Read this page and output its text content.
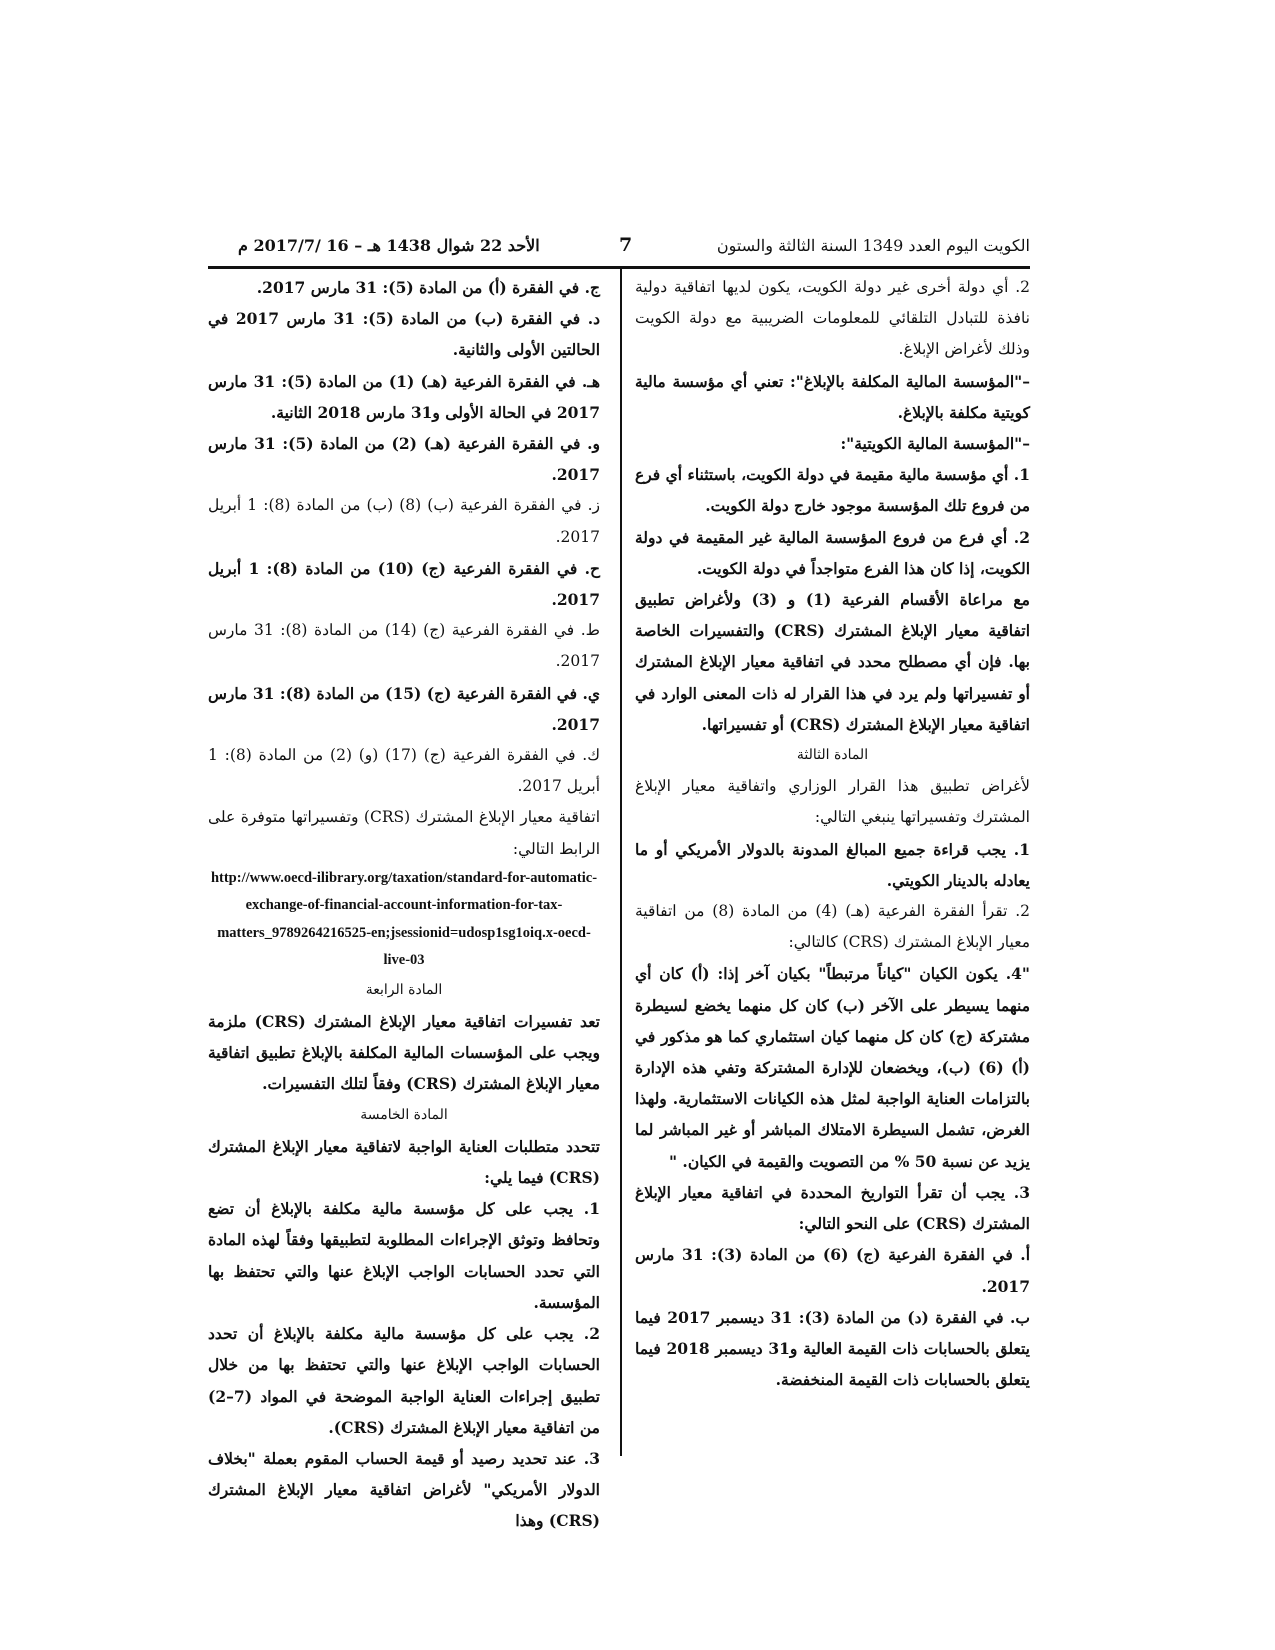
الكويت اليوم العدد 1349 السنة الثالثة والستون
7
الأحد 22 شوال 1438 هـ – 16 /2017/7 م

2. أي دولة أخرى غير دولة الكويت، يكون لديها اتفاقية دولية نافذة للتبادل التلقائي للمعلومات الضريبية مع دولة الكويت وذلك لأغراض الإبلاغ.

–"المؤسسة المالية المكلفة بالإبلاغ": تعني أي مؤسسة مالية كويتية مكلفة بالإبلاغ.

–"المؤسسة المالية الكويتية":

1. أي مؤسسة مالية مقيمة في دولة الكويت، باستثناء أي فرع من فروع تلك المؤسسة موجود خارج دولة الكويت.

2. أي فرع من فروع المؤسسة المالية غير المقيمة في دولة الكويت، إذا كان هذا الفرع متواجداً في دولة الكويت.

مع مراعاة الأقسام الفرعية (1) و (3) ولأغراض تطبيق اتفاقية معيار الإبلاغ المشترك (CRS) والتفسيرات الخاصة بها. فإن أي مصطلح محدد في اتفاقية معيار الإبلاغ المشترك أو تفسيراتها ولم يرد في هذا القرار له ذات المعنى الوارد في اتفاقية معيار الإبلاغ المشترك (CRS) أو تفسيراتها.

المادة الثالثة

لأغراض تطبيق هذا القرار الوزاري واتفاقية معيار الإبلاغ المشترك وتفسيراتها ينبغي التالي:

1. يجب قراءة جميع المبالغ المدونة بالدولار الأمريكي أو ما يعادله بالدينار الكويتي.

2. تقرأ الفقرة الفرعية (هـ) (4) من المادة (8) من اتفاقية معيار الإبلاغ المشترك (CRS) كالتالي:

"4. يكون الكيان "كياناً مرتبطاً" بكيان آخر إذا: (أ) كان أي منهما يسيطر على الآخر (ب) كان كل منهما يخضع لسيطرة مشتركة (ج) كان كل منهما كيان استثماري كما هو مذكور في (أ) (6) (ب)، ويخضعان للإدارة المشتركة وتفي هذه الإدارة بالتزامات العناية الواجبة لمثل هذه الكيانات الاستثمارية. ولهذا الغرض، تشمل السيطرة الامتلاك المباشر أو غير المباشر لما يزيد عن نسبة 50 % من التصويت والقيمة في الكيان. "

3. يجب أن تقرأ التواريخ المحددة في اتفاقية معيار الإبلاغ المشترك (CRS) على النحو التالي:

أ. في الفقرة الفرعية (ج) (6) من المادة (3): 31 مارس 2017.

ب. في الفقرة (د) من المادة (3): 31 ديسمبر 2017 فيما يتعلق بالحسابات ذات القيمة العالية و31 ديسمبر 2018 فيما يتعلق بالحسابات ذات القيمة المنخفضة.

ج. في الفقرة (أ) من المادة (5): 31 مارس 2017.

د. في الفقرة (ب) من المادة (5): 31 مارس 2017 في الحالتين الأولى والثانية.

هـ. في الفقرة الفرعية (هـ) (1) من المادة (5): 31 مارس 2017 في الحالة الأولى و31 مارس 2018 الثانية.

و. في الفقرة الفرعية (هـ) (2) من المادة (5): 31 مارس 2017.

ز. في الفقرة الفرعية (ب) (8) (ب) من المادة (8): 1 أبريل 2017.

ح. في الفقرة الفرعية (ج) (10) من المادة (8): 1 أبريل 2017.

ط. في الفقرة الفرعية (ج) (14) من المادة (8): 31 مارس 2017.

ي. في الفقرة الفرعية (ج) (15) من المادة (8): 31 مارس 2017.

ك. في الفقرة الفرعية (ج) (17) (و) (2) من المادة (8): 1 أبريل 2017.

اتفاقية معيار الإبلاغ المشترك (CRS) وتفسيراتها متوفرة على الرابط التالي:

http://www.oecd-ilibrary.org/taxation/standard-for-automatic-exchange-of-financial-account-information-for-tax-matters_9789264216525-en;jsessionid=udosp1sg1oiq.x-oecd-live-03

المادة الرابعة

تعد تفسيرات اتفاقية معيار الإبلاغ المشترك (CRS) ملزمة ويجب على المؤسسات المالية المكلفة بالإبلاغ تطبيق اتفاقية معيار الإبلاغ المشترك (CRS) وفقاً لتلك التفسيرات.

المادة الخامسة

تتحدد متطلبات العناية الواجبة لاتفاقية معيار الإبلاغ المشترك (CRS) فيما يلي:

1. يجب على كل مؤسسة مالية مكلفة بالإبلاغ أن تضع وتحافظ وتوثق الإجراءات المطلوبة لتطبيقها وفقاً لهذه المادة التي تحدد الحسابات الواجب الإبلاغ عنها والتي تحتفظ بها المؤسسة.

2. يجب على كل مؤسسة مالية مكلفة بالإبلاغ أن تحدد الحسابات الواجب الإبلاغ عنها والتي تحتفظ بها من خلال تطبيق إجراءات العناية الواجبة الموضحة في المواد (7–2) من اتفاقية معيار الإبلاغ المشترك (CRS).

3. عند تحديد رصيد أو قيمة الحساب المقوم بعملة "بخلاف الدولار الأمريكي" لأغراض اتفاقية معيار الإبلاغ المشترك (CRS) وهذا
